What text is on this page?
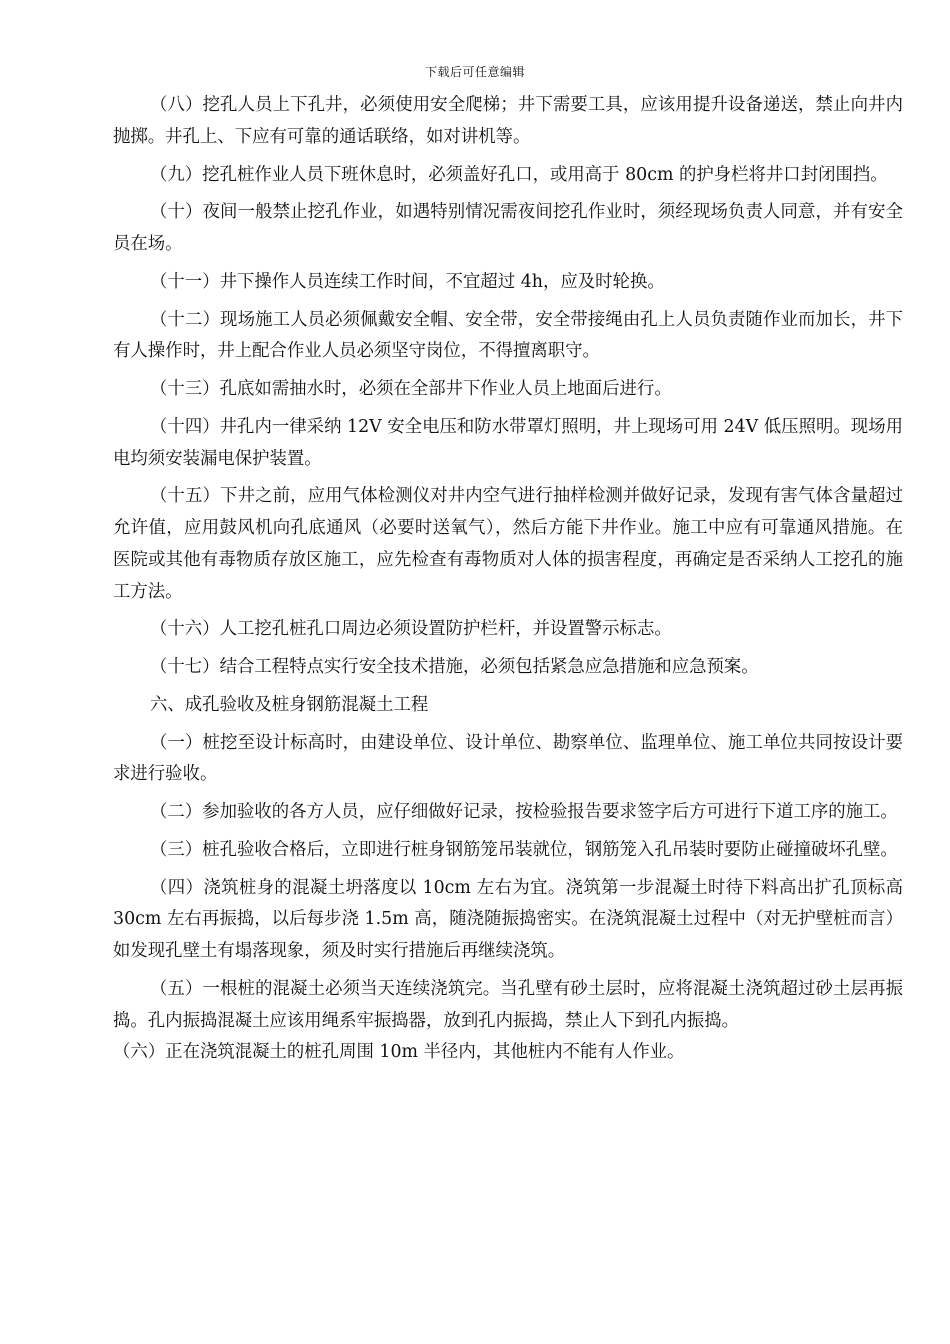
下载后可任意编辑

（八）挖孔人员上下孔井，必须使用安全爬梯；井下需要工具，应该用提升设备递送，禁止向井内抛掷。井孔上、下应有可靠的通话联络，如对讲机等。

（九）挖孔桩作业人员下班休息时，必须盖好孔口，或用高于 80cm 的护身栏将井口封闭围挡。

（十）夜间一般禁止挖孔作业，如遇特别情况需夜间挖孔作业时，须经现场负责人同意，并有安全员在场。

（十一）井下操作人员连续工作时间，不宜超过 4h，应及时轮换。

（十二）现场施工人员必须佩戴安全帽、安全带，安全带接绳由孔上人员负责随作业而加长，井下有人操作时，井上配合作业人员必须坚守岗位，不得擅离职守。

（十三）孔底如需抽水时，必须在全部井下作业人员上地面后进行。

（十四）井孔内一律采纳 12V 安全电压和防水带罩灯照明，井上现场可用 24V 低压照明。现场用电均须安装漏电保护装置。

（十五）下井之前，应用气体检测仪对井内空气进行抽样检测并做好记录，发现有害气体含量超过允许值，应用鼓风机向孔底通风（必要时送氧气），然后方能下井作业。施工中应有可靠通风措施。在医院或其他有毒物质存放区施工，应先检查有毒物质对人体的损害程度，再确定是否采纳人工挖孔的施工方法。

（十六）人工挖孔桩孔口周边必须设置防护栏杆，并设置警示标志。

（十七）结合工程特点实行安全技术措施，必须包括紧急应急措施和应急预案。

六、成孔验收及桩身钢筋混凝土工程

（一）桩挖至设计标高时，由建设单位、设计单位、勘察单位、监理单位、施工单位共同按设计要求进行验收。

（二）参加验收的各方人员，应仔细做好记录，按检验报告要求签字后方可进行下道工序的施工。

（三）桩孔验收合格后，立即进行桩身钢筋笼吊装就位，钢筋笼入孔吊装时要防止碰撞破坏孔壁。

（四）浇筑桩身的混凝土坍落度以 10cm 左右为宜。浇筑第一步混凝土时待下料高出扩孔顶标高 30cm 左右再振捣，以后每步浇 1.5m 高，随浇随振捣密实。在浇筑混凝土过程中（对无护壁桩而言）如发现孔壁土有塌落现象，须及时实行措施后再继续浇筑。

（五）一根桩的混凝土必须当天连续浇筑完。当孔壁有砂土层时，应将混凝土浇筑超过砂土层再振捣。孔内振捣混凝土应该用绳系牢振捣器，放到孔内振捣，禁止人下到孔内振捣。

（六）正在浇筑混凝土的桩孔周围 10m 半径内，其他桩内不能有人作业。
